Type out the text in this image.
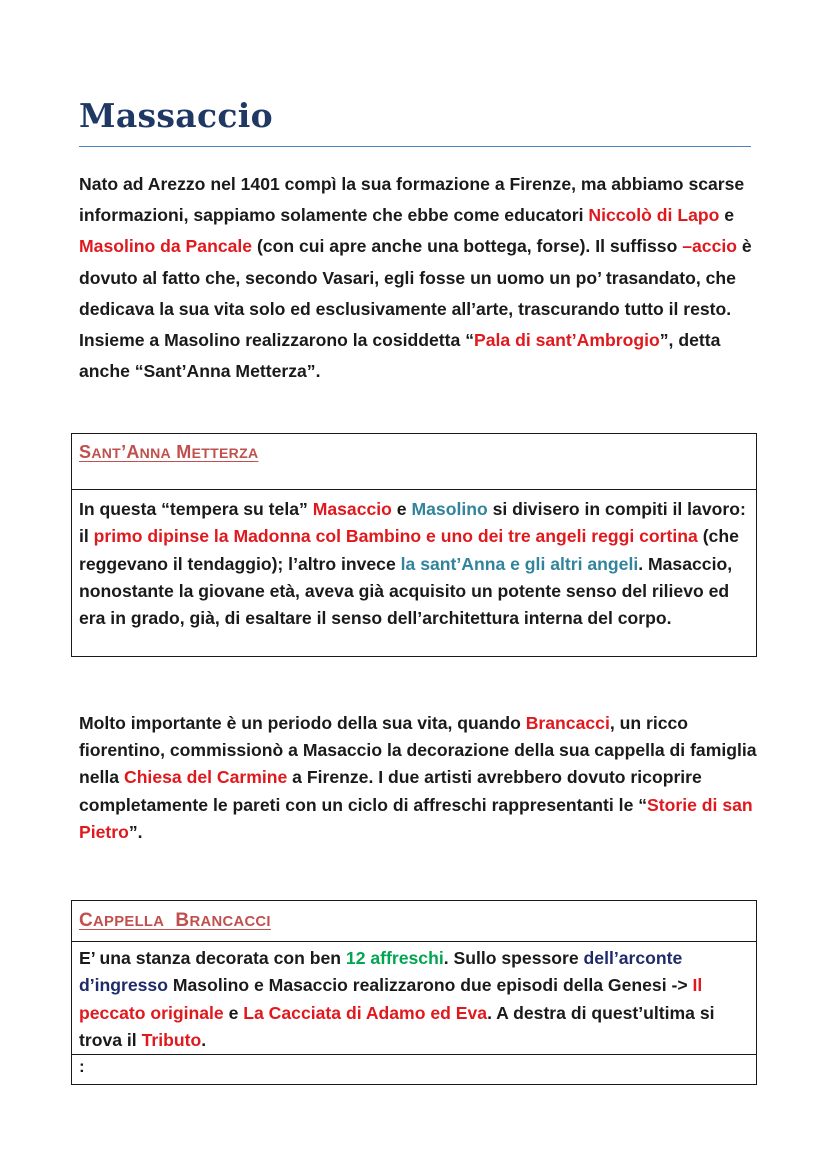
Massaccio

Nato ad Arezzo nel 1401 compì la sua formazione a Firenze, ma abbiamo scarse informazioni, sappiamo solamente che ebbe come educatori Niccolò di Lapo e Masolino da Pancale (con cui apre anche una bottega, forse). Il suffisso –accio è dovuto al fatto che, secondo Vasari, egli fosse un uomo un po’ trasandato, che dedicava la sua vita solo ed esclusivamente all’arte, trascurando tutto il resto. Insieme a Masolino realizzarono la cosiddetta “Pala di sant’Ambrogio”, detta anche “Sant’Anna Metterza”.

SANT’ANNA METTERZA

In questa “tempera su tela” Masaccio e Masolino si divisero in compiti il lavoro: il primo dipinse la Madonna col Bambino e uno dei tre angeli reggi cortina (che reggevano il tendaggio); l’altro invece la sant’Anna e gli altri angeli. Masaccio, nonostante la giovane età, aveva già acquisito un potente senso del rilievo ed era in grado, già, di esaltare il senso dell’architettura interna del corpo.

Molto importante è un periodo della sua vita, quando Brancacci, un ricco fiorentino, commissionò a Masaccio la decorazione della sua cappella di famiglia nella Chiesa del Carmine a Firenze. I due artisti avrebbero dovuto ricoprire completamente le pareti con un ciclo di affreschi rappresentanti le “Storie di san Pietro”.

CAPPELLA  BRANCACCI

E’ una stanza decorata con ben 12 affreschi. Sullo spessore dell’arconte d’ingresso Masolino e Masaccio realizzarono due episodi della Genesi -> Il peccato originale e La Cacciata di Adamo ed Eva. A destra di quest’ultima si trova il Tributo.

:
